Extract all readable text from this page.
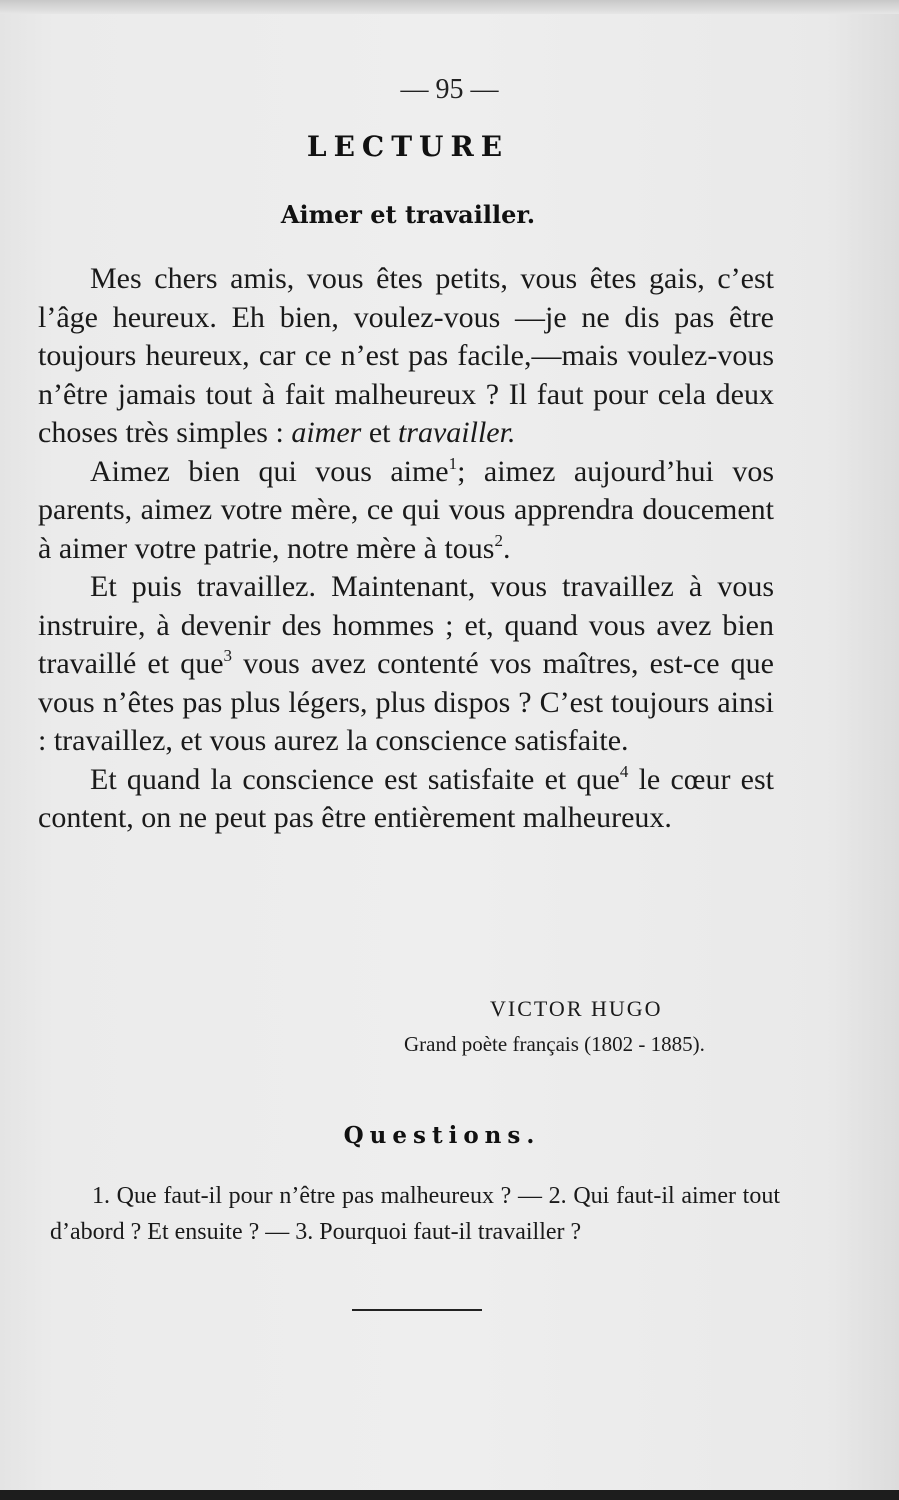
— 95 —
LECTURE
Aimer et travailler.

Mes chers amis, vous êtes petits, vous êtes gais, c’est l’âge heureux. Eh bien, voulez-vous —je ne dis pas être toujours heureux, car ce n’est pas facile,—mais voulez-vous n’être jamais tout à fait malheureux ? Il faut pour cela deux choses très simples : aimer et travailler.

Aimez bien qui vous aime$^1$; aimez aujourd’hui vos parents, aimez votre mère, ce qui vous apprendra doucement à aimer votre patrie, notre mère à tous$^2$.

Et puis travaillez. Maintenant, vous travaillez à vous instruire, à devenir des hommes ; et, quand vous avez bien travaillé et que$^3$ vous avez contenté vos maîtres, est-ce que vous n’êtes pas plus légers, plus dispos ? C’est toujours ainsi : travaillez, et vous aurez la conscience satisfaite.

Et quand la conscience est satisfaite et que$^4$ le cœur est content, on ne peut pas être entièrement malheureux.

VICTOR HUGO
Grand poète français (1802 - 1885).
Questions.

1. Que faut-il pour n’être pas malheureux ? — 2. Qui faut-il aimer tout d’abord ? Et ensuite ? — 3. Pourquoi faut-il travailler ?
